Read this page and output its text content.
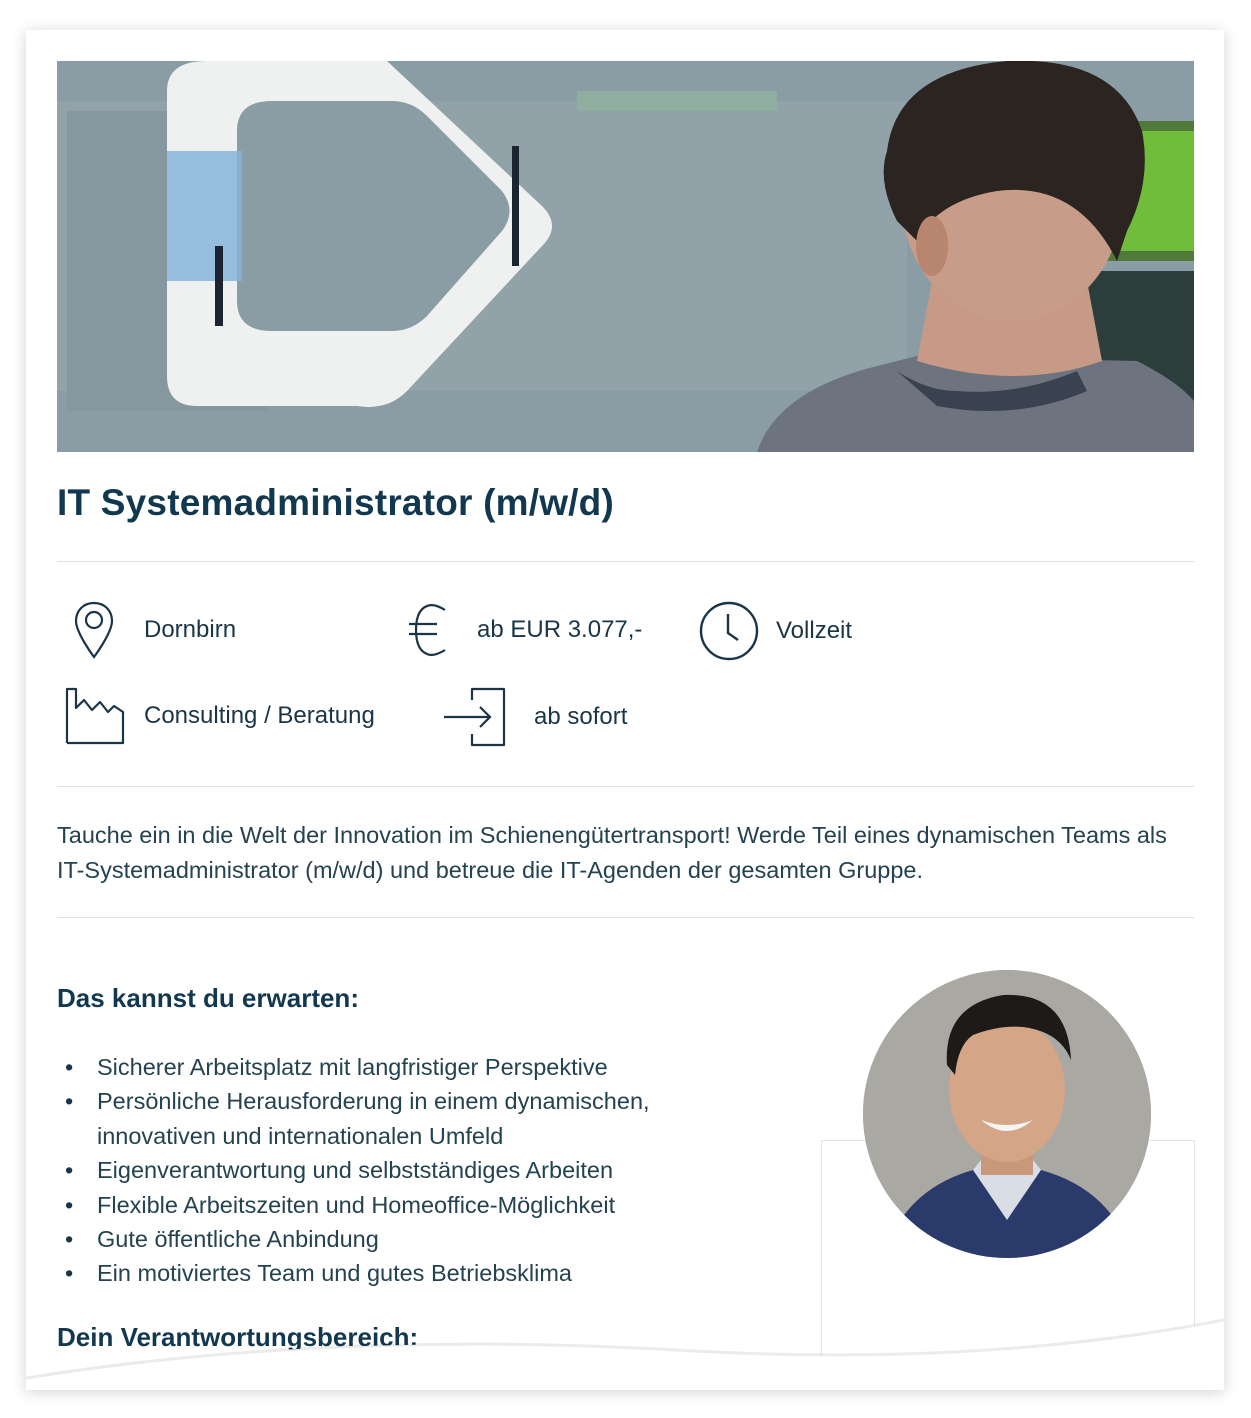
IT Systemadministrator (m/w/d)
Dornbirn	ab EUR 3.077,-	Vollzeit
Consulting / Beratung	ab sofort

Tauche ein in die Welt der Innovation im Schienengütertransport! Werde Teil eines dynamischen Teams als IT-Systemadministrator (m/w/d) und betreue die IT-Agenden der gesamten Gruppe.

Das kannst du erwarten:
• Sicherer Arbeitsplatz mit langfristiger Perspektive
• Persönliche Herausforderung in einem dynamischen, innovativen und internationalen Umfeld
• Eigenverantwortung und selbstständiges Arbeiten
• Flexible Arbeitszeiten und Homeoffice-Möglichkeit
• Gute öffentliche Anbindung
• Ein motiviertes Team und gutes Betriebsklima
Dein Verantwortungsbereich:
